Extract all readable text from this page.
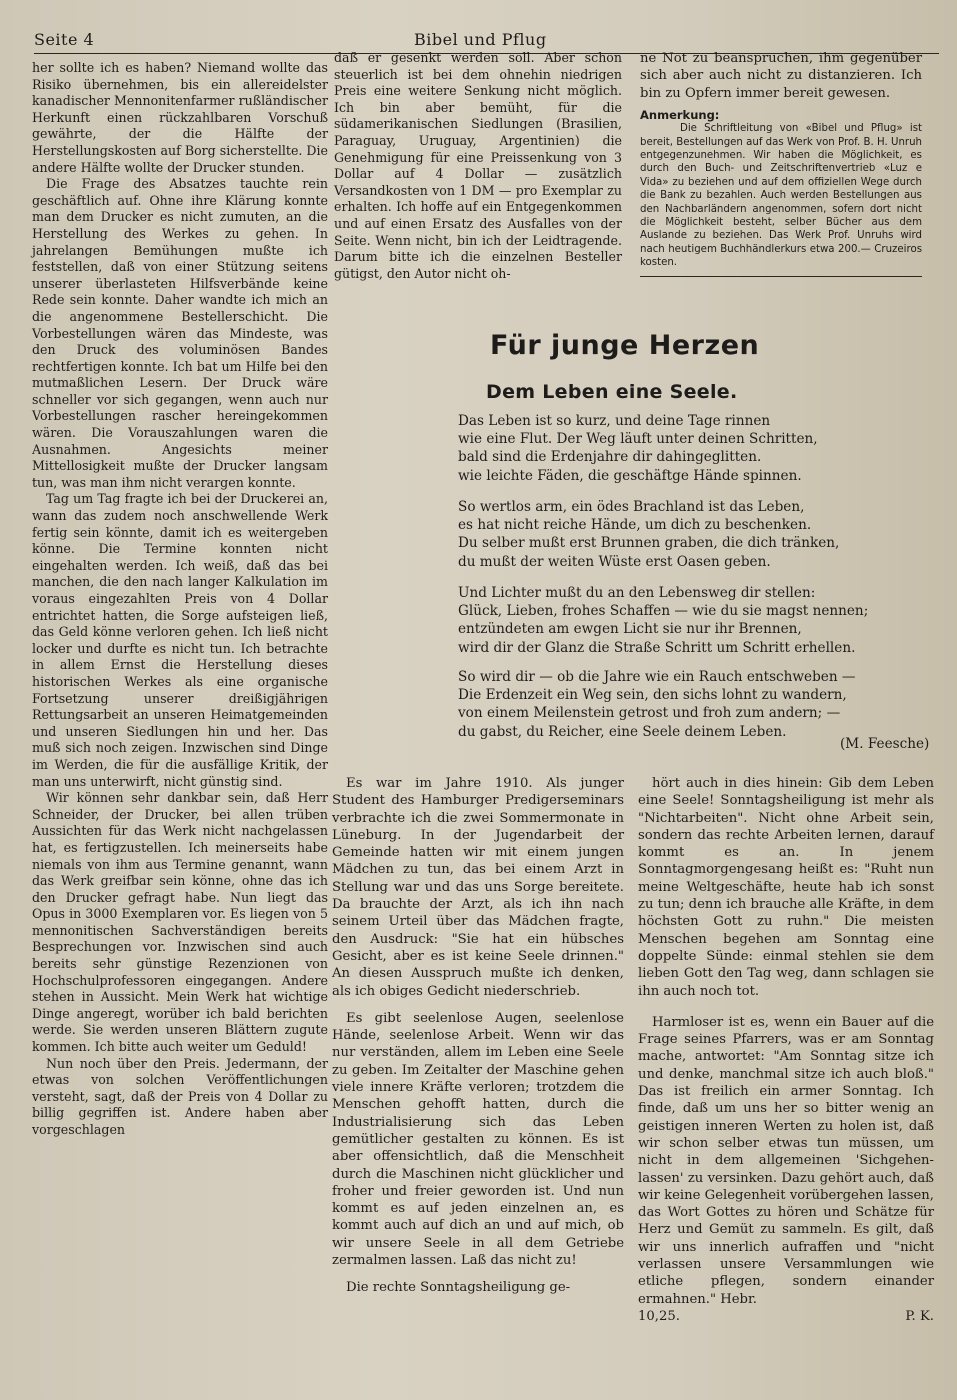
Seite 4	Bibel und Pflug

her sollte ich es haben? Niemand wollte das Risiko übernehmen, bis ein allereidelster kanadischer Mennonitenfarmer rußländischer Herkunft einen rückzahlbaren Vorschuß gewährte, der die Hälfte der Herstellungskosten auf Borg sicherstellte. Die andere Hälfte wollte der Drucker stunden.

Die Frage des Absatzes tauchte rein geschäftlich auf. Ohne ihre Klärung konnte man dem Drucker es nicht zumuten, an die Herstellung des Werkes zu gehen. In jahrelangen Bemühungen mußte ich feststellen, daß von einer Stützung seitens unserer überlasteten Hilfsverbände keine Rede sein konnte. Daher wandte ich mich an die angenommene Bestellerschicht. Die Vorbestellungen wären das Mindeste, was den Druck des voluminösen Bandes rechtfertigen konnte. Ich bat um Hilfe bei den mutmaßlichen Lesern. Der Druck wäre schneller vor sich gegangen, wenn auch nur Vorbestellungen rascher hereingekommen wären. Die Vorauszahlungen waren die Ausnahmen. Angesichts meiner Mittellosigkeit mußte der Drucker langsam tun, was man ihm nicht verargen konnte.

Tag um Tag fragte ich bei der Druckerei an, wann das zudem noch anschwellende Werk fertig sein könnte, damit ich es weitergeben könne. Die Termine konnten nicht eingehalten werden. Ich weiß, daß das bei manchen, die den nach langer Kalkulation im voraus eingezahlten Preis von 4 Dollar entrichtet hatten, die Sorge aufsteigen ließ, das Geld könne verloren gehen. Ich ließ nicht locker und durfte es nicht tun. Ich betrachte in allem Ernst die Herstellung dieses historischen Werkes als eine organische Fortsetzung unserer dreißigjährigen Rettungsarbeit an unseren Heimatgemeinden und unseren Siedlungen hin und her. Das muß sich noch zeigen. Inzwischen sind Dinge im Werden, die für die ausfällige Kritik, der man uns unterwirft, nicht günstig sind.

Wir können sehr dankbar sein, daß Herr Schneider, der Drucker, bei allen trüben Aussichten für das Werk nicht nachgelassen hat, es fertigzustellen. Ich meinerseits habe niemals von ihm aus Termine genannt, wann das Werk greifbar sein könne, ohne das ich den Drucker gefragt habe. Nun liegt das Opus in 3000 Exemplaren vor. Es liegen von 5 mennonitischen Sachverständigen bereits Besprechungen vor. Inzwischen sind auch bereits sehr günstige Rezenzionen von Hochschulprofessoren eingegangen. Andere stehen in Aussicht. Mein Werk hat wichtige Dinge angeregt, worüber ich bald berichten werde. Sie werden unseren Blättern zugute kommen. Ich bitte auch weiter um Geduld!

Nun noch über den Preis. Jedermann, der etwas von solchen Veröffentlichungen versteht, sagt, daß der Preis von 4 Dollar zu billig gegriffen ist. Andere haben aber vorgeschlagen

daß er gesenkt werden soll. Aber schon steuerlich ist bei dem ohnehin niedrigen Preis eine weitere Senkung nicht möglich. Ich bin aber bemüht, für die südamerikanischen Siedlungen (Brasilien, Paraguay, Uruguay, Argentinien) die Genehmigung für eine Preissenkung von 3 Dollar auf 4 Dollar — zusätzlich Versandkosten von 1 DM — pro Exemplar zu erhalten. Ich hoffe auf ein Entgegenkommen und auf einen Ersatz des Ausfalles von der Seite. Wenn nicht, bin ich der Leidtragende. Darum bitte ich die einzelnen Besteller gütigst, den Autor nicht oh-

ne Not zu beanspruchen, ihm gegenüber sich aber auch nicht zu distanzieren. Ich bin zu Opfern immer bereit gewesen.

Anmerkung:
Die Schriftleitung von «Bibel und Pflug» ist bereit, Bestellungen auf das Werk von Prof. B. H. Unruh entgegenzunehmen. Wir haben die Möglichkeit, es durch den Buch- und Zeitschriftenvertrieb «Luz e Vida» zu beziehen und auf dem offiziellen Wege durch die Bank zu bezahlen. Auch werden Bestellungen aus den Nachbarländern angenommen, sofern dort nicht die Möglichkeit besteht, selber Bücher aus dem Auslande zu beziehen. Das Werk Prof. Unruhs wird nach heutigem Buchhändlerkurs etwa 200.— Cruzeiros kosten.
Für junge Herzen
Dem Leben eine Seele.
Das Leben ist so kurz, und deine Tage rinnen
wie eine Flut. Der Weg läuft unter deinen Schritten,
bald sind die Erdenjahre dir dahingeglitten.
wie leichte Fäden, die geschäftge Hände spinnen.
So wertlos arm, ein ödes Brachland ist das Leben,
es hat nicht reiche Hände, um dich zu beschenken.
Du selber mußt erst Brunnen graben, die dich tränken,
du mußt der weiten Wüste erst Oasen geben.
Und Lichter mußt du an den Lebensweg dir stellen:
Glück, Lieben, frohes Schaffen — wie du sie magst nennen;
entzündeten am ewgen Licht sie nur ihr Brennen,
wird dir der Glanz die Straße Schritt um Schritt erhellen.
So wird dir — ob die Jahre wie ein Rauch entschweben —
Die Erdenzeit ein Weg sein, den sichs lohnt zu wandern,
von einem Meilenstein getrost und froh zum andern; —
du gabst, du Reicher, eine Seele deinem Leben.
(M. Feesche)

Es war im Jahre 1910. Als junger Student des Hamburger Predigerseminars verbrachte ich die zwei Sommermonate in Lüneburg. In der Jugendarbeit der Gemeinde hatten wir mit einem jungen Mädchen zu tun, das bei einem Arzt in Stellung war und das uns Sorge bereitete. Da brauchte der Arzt, als ich ihn nach seinem Urteil über das Mädchen fragte, den Ausdruck: "Sie hat ein hübsches Gesicht, aber es ist keine Seele drinnen." An diesen Ausspruch mußte ich denken, als ich obiges Gedicht niederschrieb.

Es gibt seelenlose Augen, seelenlose Hände, seelenlose Arbeit. Wenn wir das nur verständen, allem im Leben eine Seele zu geben. Im Zeitalter der Maschine gehen viele innere Kräfte verloren; trotzdem die Menschen gehofft hatten, durch die Industrialisierung sich das Leben gemütlicher gestalten zu können. Es ist aber offensichtlich, daß die Menschheit durch die Maschinen nicht glücklicher und froher und freier geworden ist. Und nun kommt es auf jeden einzelnen an, es kommt auch auf dich an und auf mich, ob wir unsere Seele in all dem Getriebe zermalmen lassen. Laß das nicht zu!

Die rechte Sonntagsheiligung ge-

hört auch in dies hinein: Gib dem Leben eine Seele! Sonntagsheiligung ist mehr als "Nichtarbeiten". Nicht ohne Arbeit sein, sondern das rechte Arbeiten lernen, darauf kommt es an. In jenem Sonntagmorgengesang heißt es: "Ruht nun meine Weltgeschäfte, heute hab ich sonst zu tun; denn ich brauche alle Kräfte, in dem höchsten Gott zu ruhn." Die meisten Menschen begehen am Sonntag eine doppelte Sünde: einmal stehlen sie dem lieben Gott den Tag weg, dann schlagen sie ihn auch noch tot.

Harmloser ist es, wenn ein Bauer auf die Frage seines Pfarrers, was er am Sonntag mache, antwortet: "Am Sonntag sitze ich und denke, manchmal sitze ich auch bloß." Das ist freilich ein armer Sonntag. Ich finde, daß um uns her so bitter wenig an geistigen inneren Werten zu holen ist, daß wir schon selber etwas tun müssen, um nicht in dem allgemeinen 'Sichgehen-lassen' zu versinken. Dazu gehört auch, daß wir keine Gelegenheit vorübergehen lassen, das Wort Gottes zu hören und Schätze für Herz und Gemüt zu sammeln. Es gilt, daß wir uns innerlich aufraffen und "nicht verlassen unsere Versammlungen wie etliche pflegen, sondern einander ermahnen." Hebr.

10,25.	P. K.
